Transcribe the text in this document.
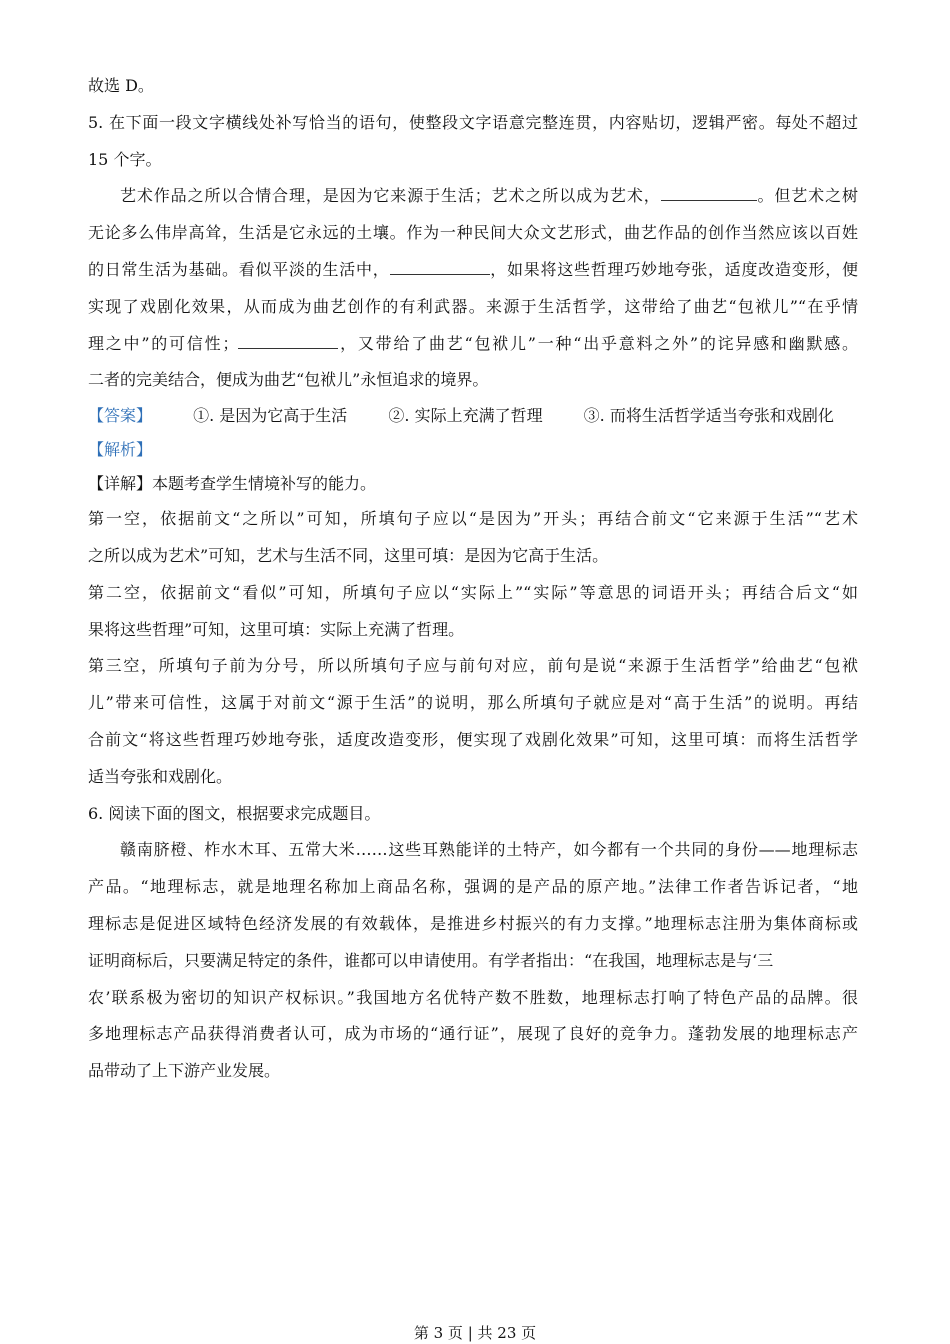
故选 D。
5. 在下面一段文字横线处补写恰当的语句，使整段文字语意完整连贯，内容贴切，逻辑严密。每处不超过
15 个字。
艺术作品之所以合情合理，是因为它来源于生活；艺术之所以成为艺术，	。但艺术之树
无论多么伟岸高耸，生活是它永远的土壤。作为一种民间大众文艺形式，曲艺作品的创作当然应该以百姓
的日常生活为基础。看似平淡的生活中，	，如果将这些哲理巧妙地夸张，适度改造变形，便
实现了戏剧化效果，从而成为曲艺创作的有利武器。来源于生活哲学，这带给了曲艺“包袱儿”“在乎情
理之中”的可信性；	，又带给了曲艺“包袱儿”一种“出乎意料之外”的诧异感和幽默感。
二者的完美结合，便成为曲艺“包袱儿”永恒追求的境界。
【答案】	①. 是因为它高于生活	②. 实际上充满了哲理	③. 而将生活哲学适当夸张和戏剧化
【解析】
【详解】本题考查学生情境补写的能力。
第一空，依据前文“之所以”可知，所填句子应以“是因为”开头；再结合前文“它来源于生活”“艺术
之所以成为艺术”可知，艺术与生活不同，这里可填：是因为它高于生活。
第二空，依据前文“看似”可知，所填句子应以“实际上”“实际”等意思的词语开头；再结合后文“如
果将这些哲理”可知，这里可填：实际上充满了哲理。
第三空，所填句子前为分号，所以所填句子应与前句对应，前句是说“来源于生活哲学”给曲艺“包袱
儿”带来可信性，这属于对前文“源于生活”的说明，那么所填句子就应是对“高于生活”的说明。再结
合前文“将这些哲理巧妙地夸张，适度改造变形，便实现了戏剧化效果”可知，这里可填：而将生活哲学
适当夸张和戏剧化。
6. 阅读下面的图文，根据要求完成题目。
赣南脐橙、柞水木耳、五常大米……这些耳熟能详的土特产，如今都有一个共同的身份——地理标志
产品。“地理标志，就是地理名称加上商品名称，强调的是产品的原产地。”法律工作者告诉记者，“地
理标志是促进区域特色经济发展的有效载体，是推进乡村振兴的有力支撑。”地理标志注册为集体商标或
证明商标后，只要满足特定的条件，谁都可以申请使用。有学者指出：“在我国，地理标志是与‘三
农’联系极为密切的知识产权标识。”我国地方名优特产数不胜数，地理标志打响了特色产品的品牌。很
多地理标志产品获得消费者认可，成为市场的“通行证”，展现了良好的竞争力。蓬勃发展的地理标志产
品带动了上下游产业发展。
第 3 页 | 共 23 页
